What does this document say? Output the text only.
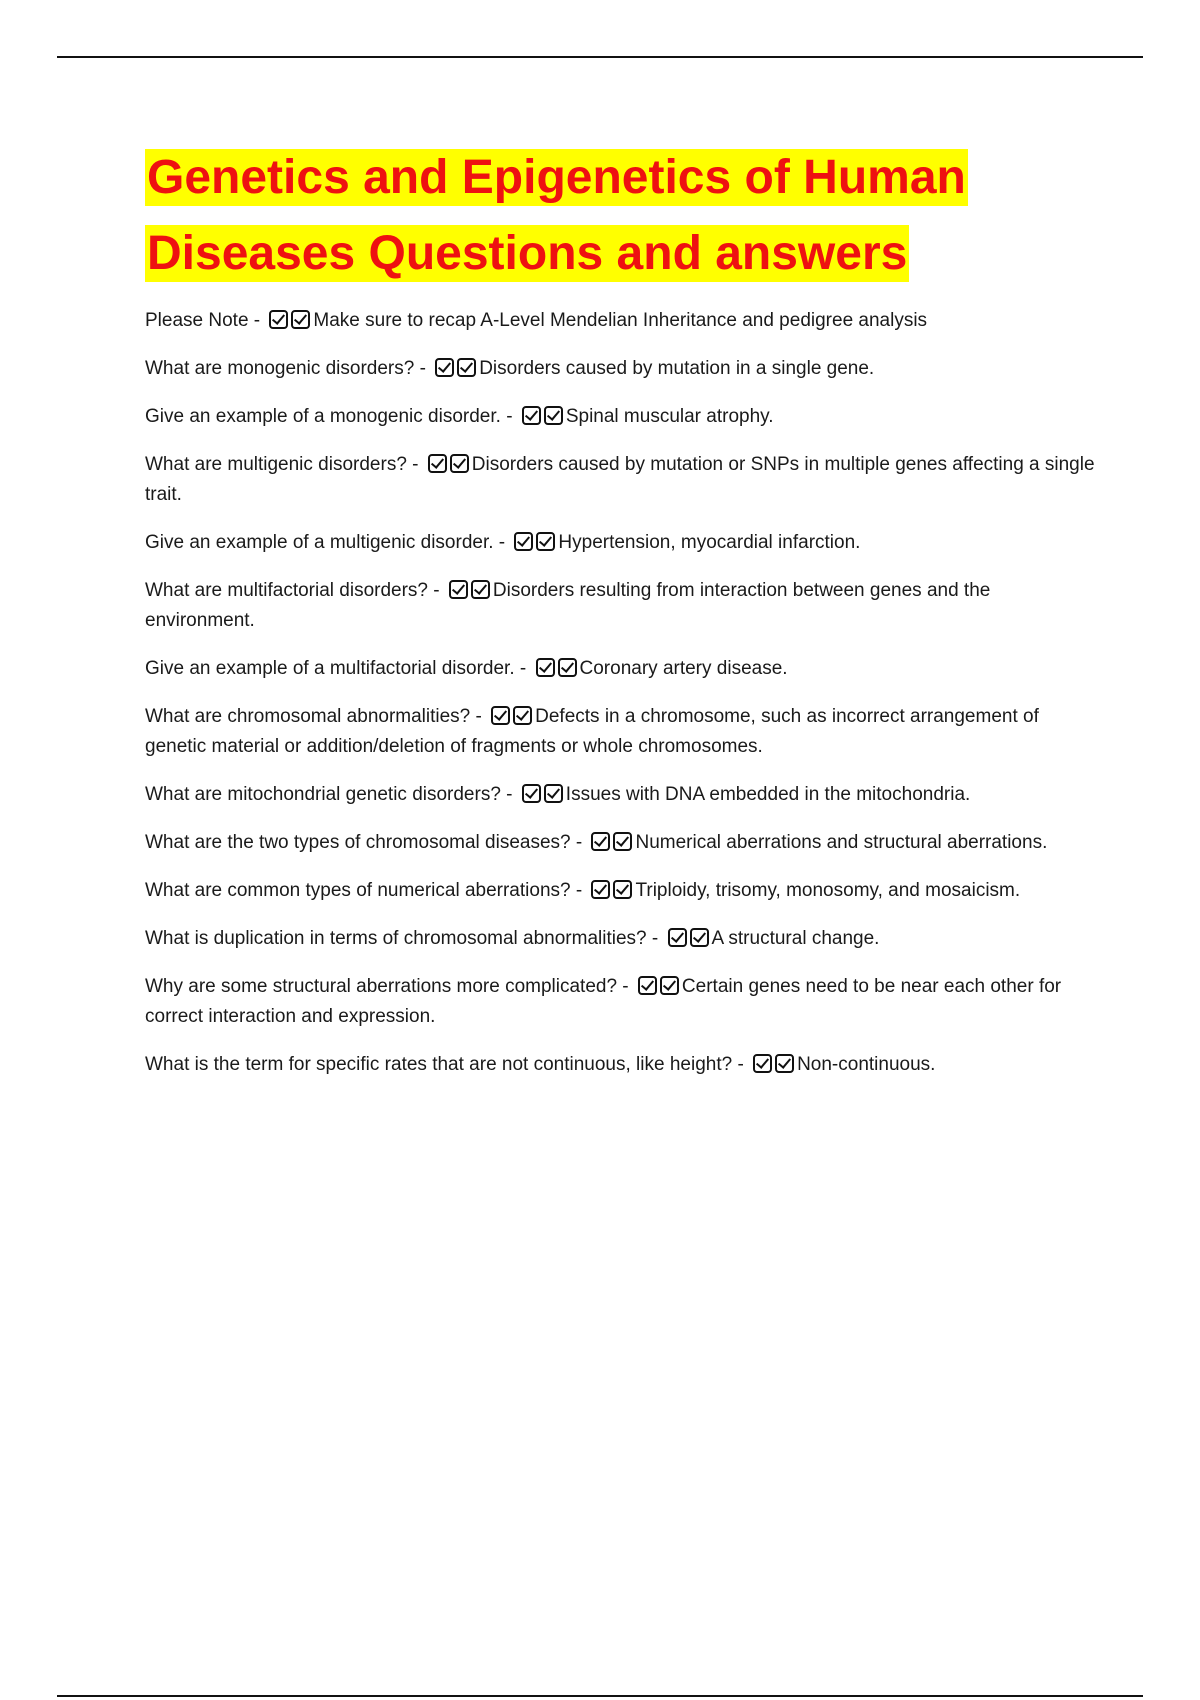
Genetics and Epigenetics of Human
Diseases Questions and answers

Please Note -	Make sure to recap A-Level Mendelian Inheritance and pedigree analysis

What are monogenic disorders? -	Disorders caused by mutation in a single gene.

Give an example of a monogenic disorder. -	Spinal muscular atrophy.

What are multigenic disorders? -	Disorders caused by mutation or SNPs in multiple genes affecting a single trait.

Give an example of a multigenic disorder. -	Hypertension, myocardial infarction.

What are multifactorial disorders? -	Disorders resulting from interaction between genes and the environment.

Give an example of a multifactorial disorder. -	Coronary artery disease.

What are chromosomal abnormalities? -	Defects in a chromosome, such as incorrect arrangement of genetic material or addition/deletion of fragments or whole chromosomes.

What are mitochondrial genetic disorders? -	Issues with DNA embedded in the mitochondria.

What are the two types of chromosomal diseases? -	Numerical aberrations and structural aberrations.

What are common types of numerical aberrations? -	Triploidy, trisomy, monosomy, and mosaicism.

What is duplication in terms of chromosomal abnormalities? -	A structural change.

Why are some structural aberrations more complicated? -	Certain genes need to be near each other for correct interaction and expression.

What is the term for specific rates that are not continuous, like height? -	Non-continuous.
